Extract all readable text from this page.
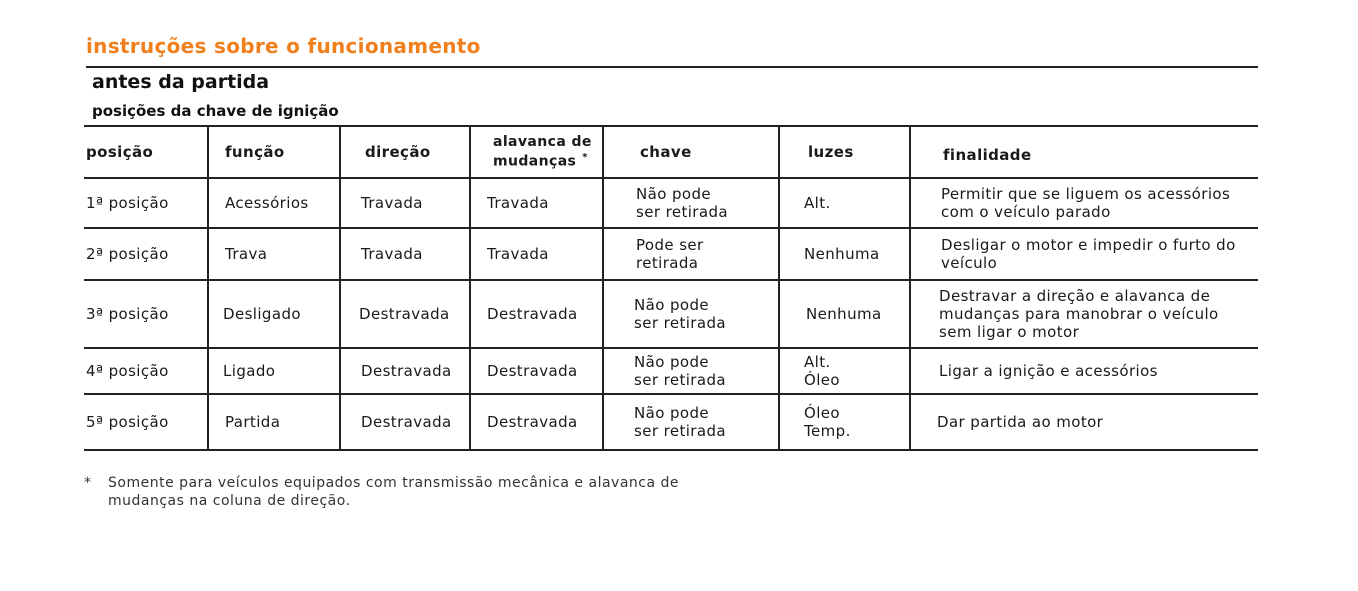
instruções sobre o funcionamento
antes da partida
posições da chave de ignição
posição	função	direção	alavanca de mudanças *	chave	luzes	finalidade
1ª posição	Acessórios	Travada	Travada	Não pode ser retirada	Alt.	Permitir que se liguem os acessórios com o veículo parado
2ª posição	Trava	Travada	Travada	Pode ser retirada	Nenhuma	Desligar o motor e impedir o furto do veículo
3ª posição	Desligado	Destravada	Destravada	Não pode ser retirada	Nenhuma	Destravar a direção e alavanca de mudanças para manobrar o veículo sem ligar o motor
4ª posição	Ligado	Destravada	Destravada	Não pode ser retirada	Alt. Óleo	Ligar a ignição e acessórios
5ª posição	Partida	Destravada	Destravada	Não pode ser retirada	Óleo Temp.	Dar partida ao motor
*	Somente para veículos equipados com transmissão mecânica e alavanca de mudanças na coluna de direção.
